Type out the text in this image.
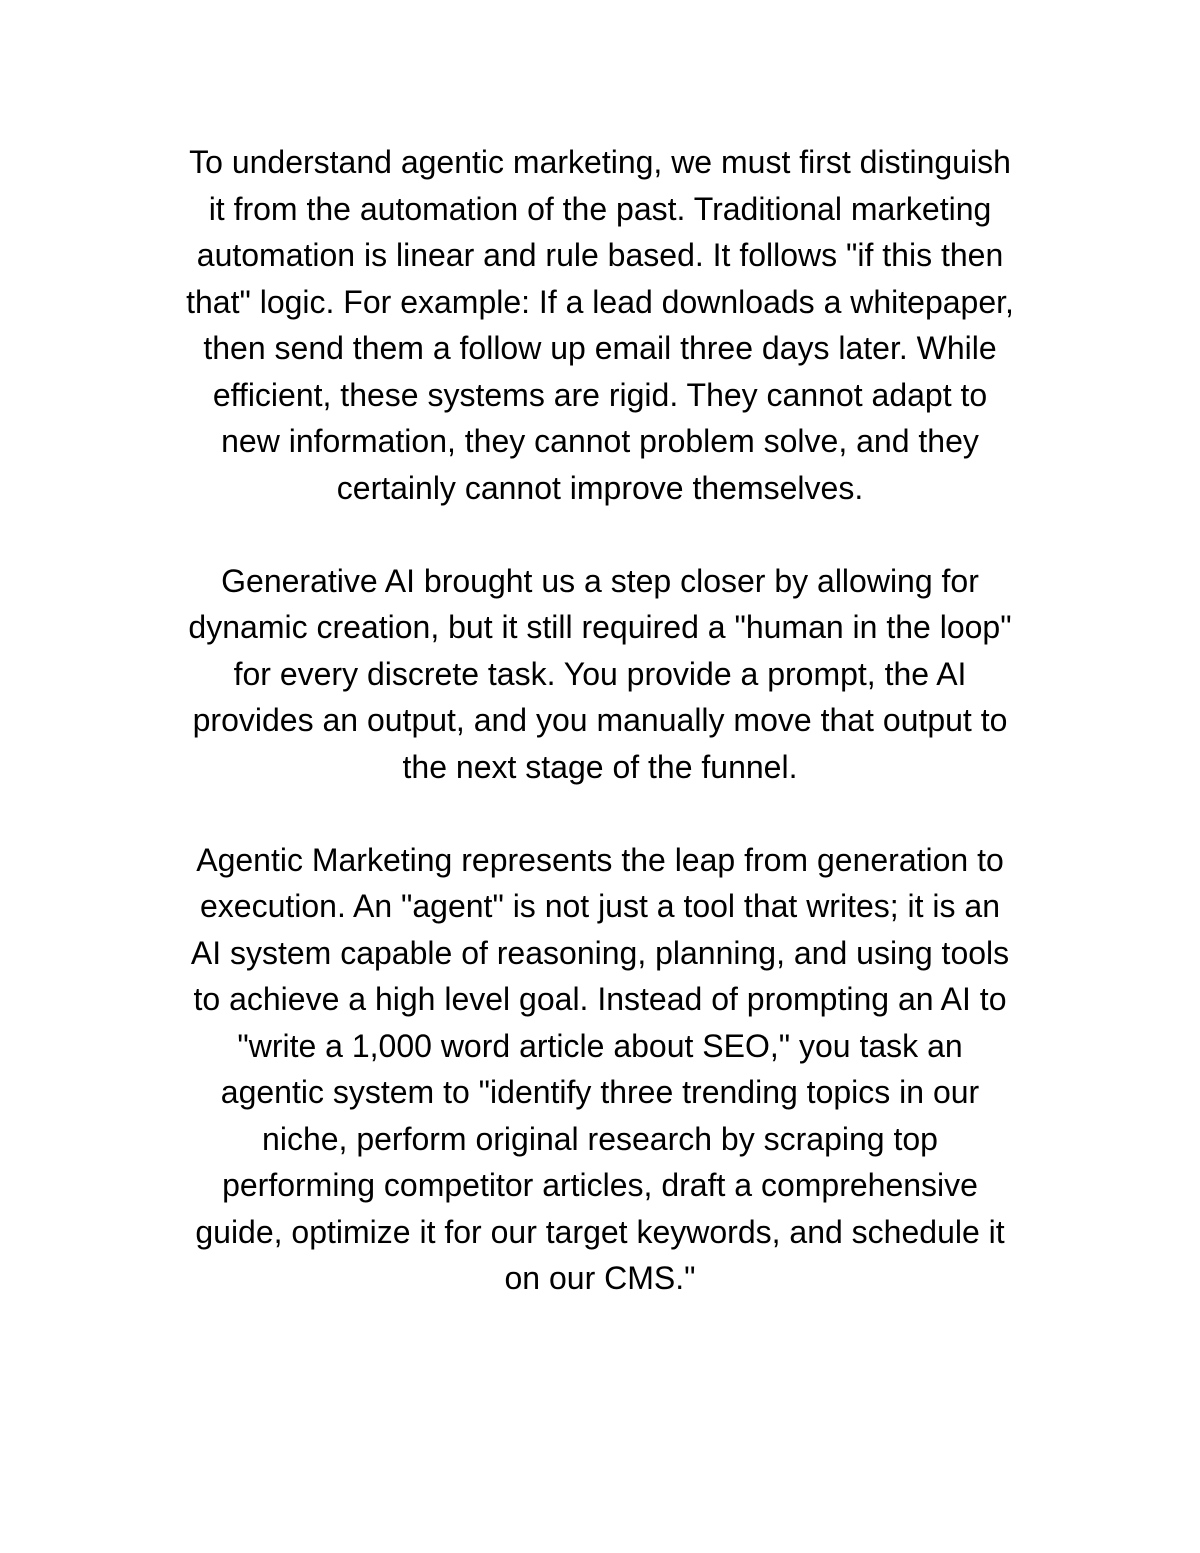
To understand agentic marketing, we must first distinguish
it from the automation of the past. Traditional marketing
automation is linear and rule based. It follows "if this then
that" logic. For example: If a lead downloads a whitepaper,
then send them a follow up email three days later. While
efficient, these systems are rigid. They cannot adapt to
new information, they cannot problem solve, and they
certainly cannot improve themselves.

Generative AI brought us a step closer by allowing for
dynamic creation, but it still required a "human in the loop"
for every discrete task. You provide a prompt, the AI
provides an output, and you manually move that output to
the next stage of the funnel.

Agentic Marketing represents the leap from generation to
execution. An "agent" is not just a tool that writes; it is an
AI system capable of reasoning, planning, and using tools
to achieve a high level goal. Instead of prompting an AI to
"write a 1,000 word article about SEO," you task an
agentic system to "identify three trending topics in our
niche, perform original research by scraping top
performing competitor articles, draft a comprehensive
guide, optimize it for our target keywords, and schedule it
on our CMS."
